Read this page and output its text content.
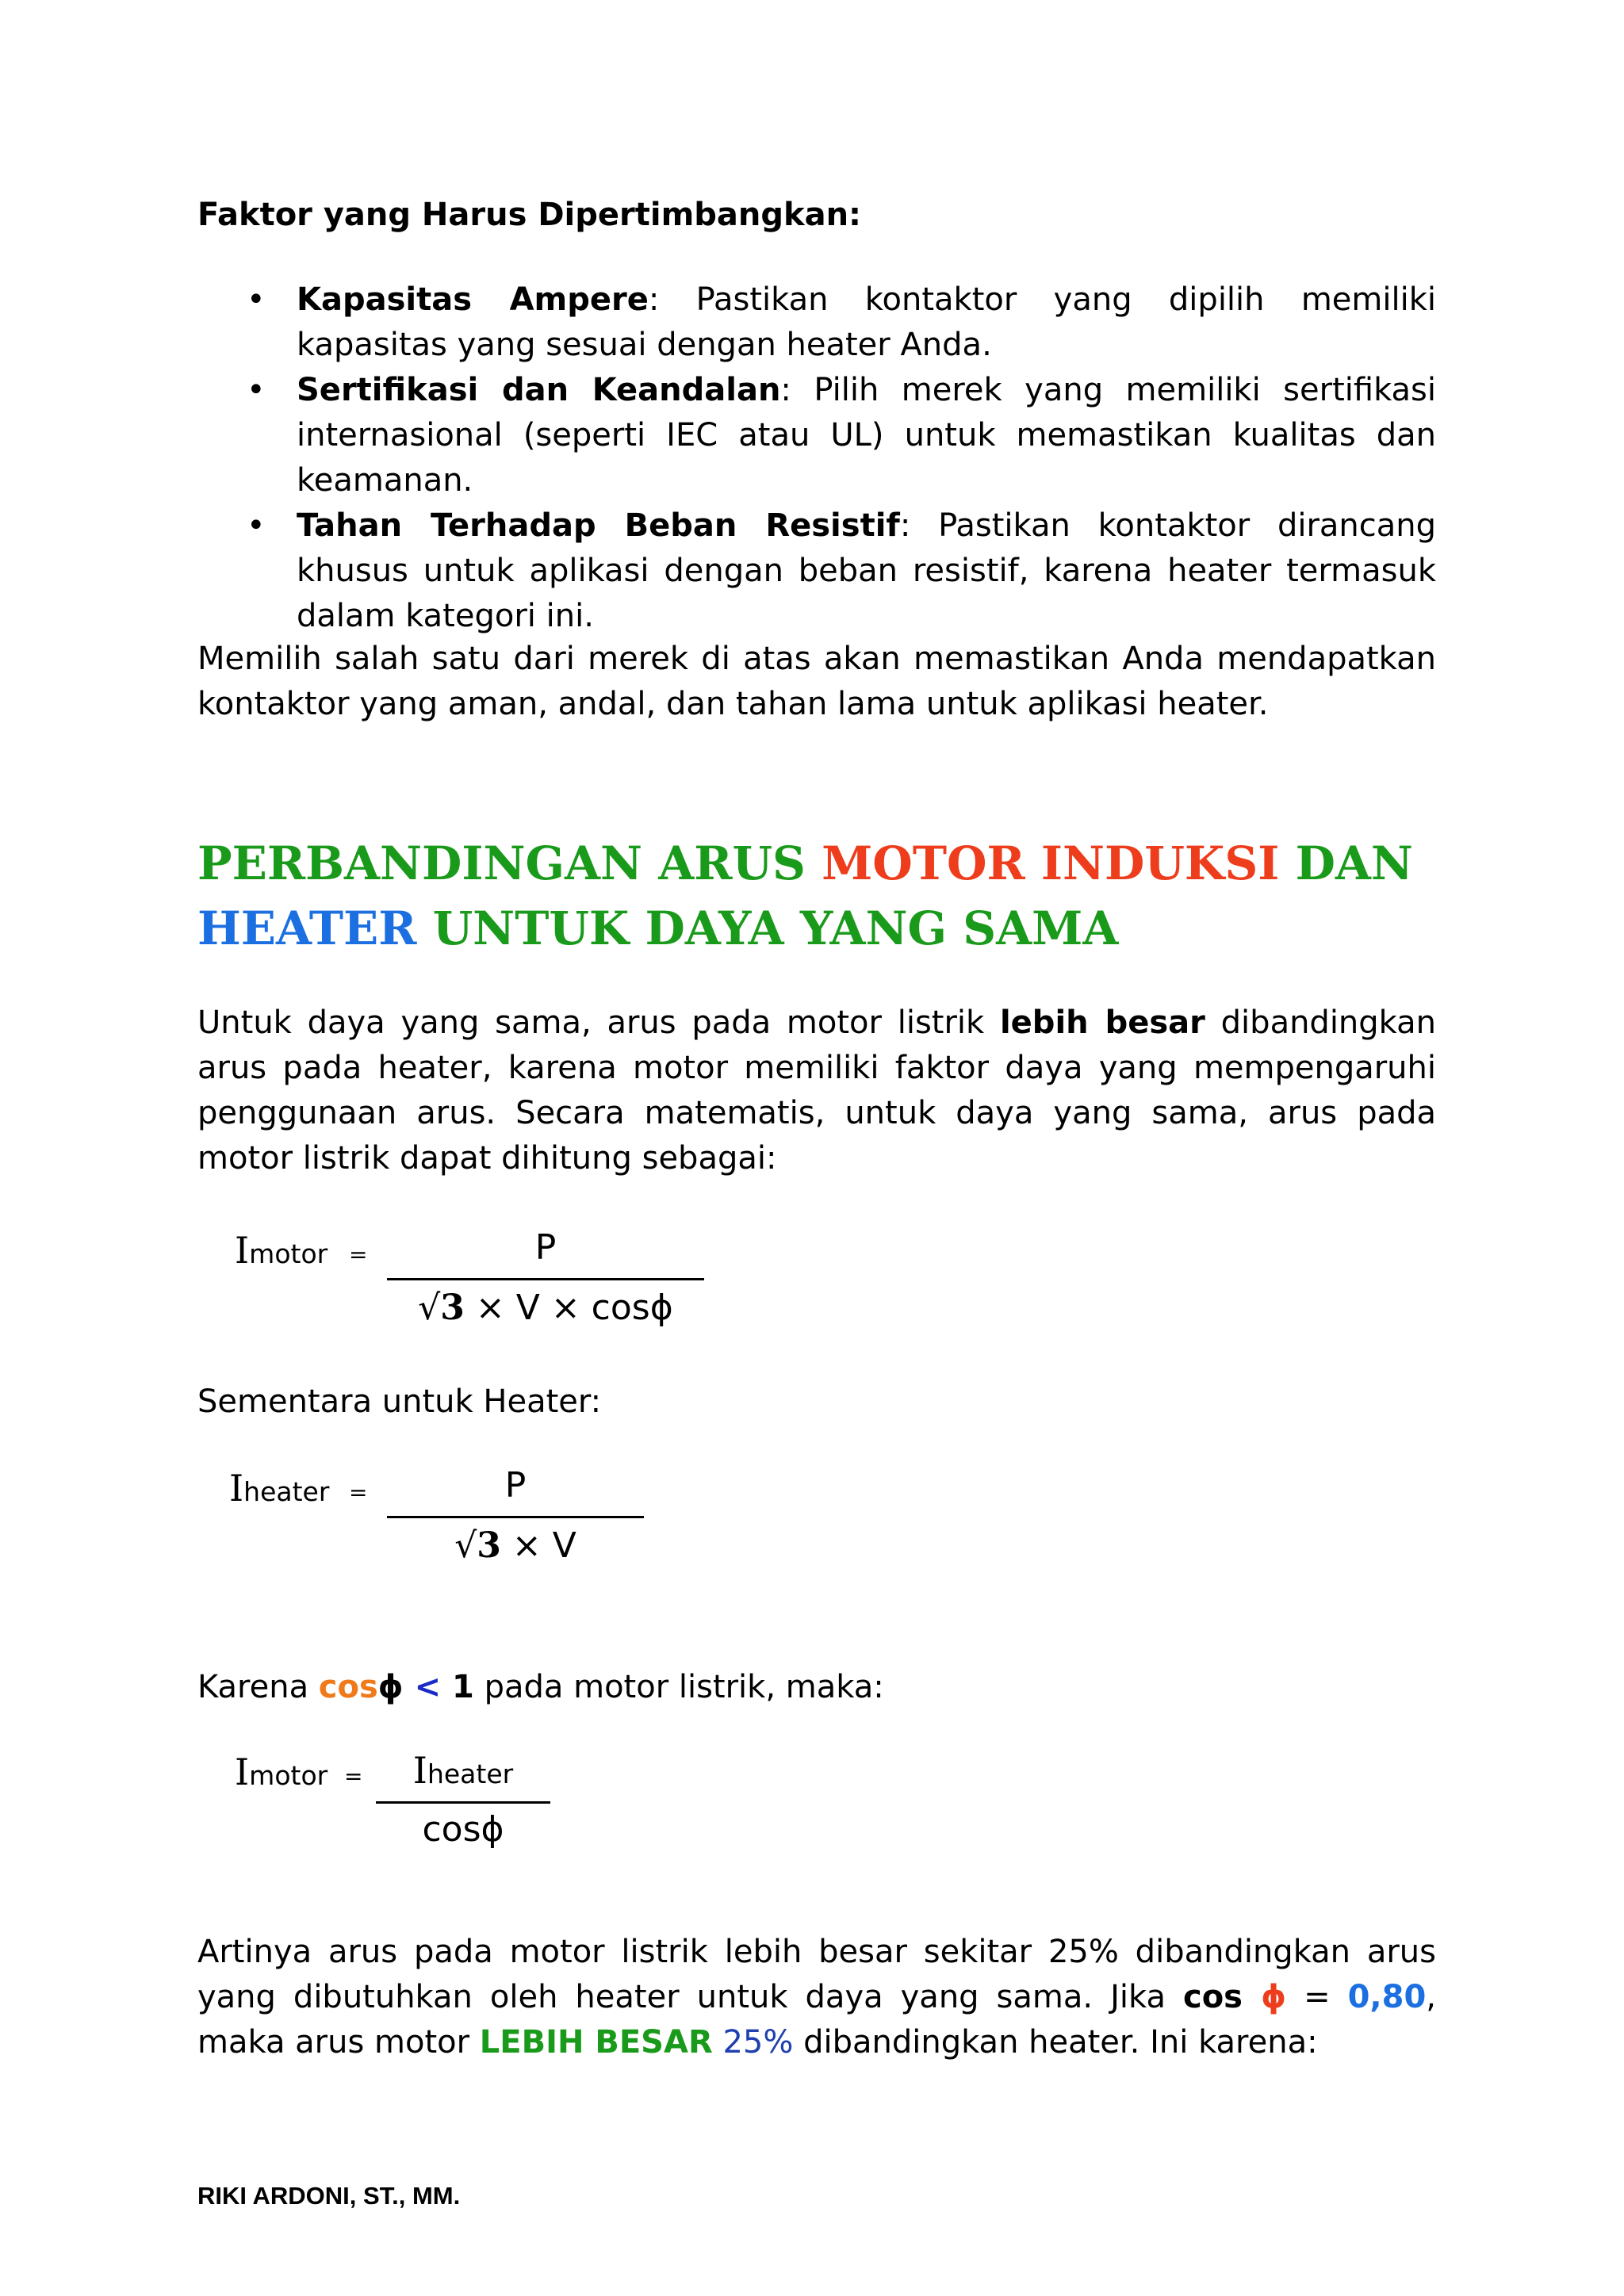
Faktor yang Harus Dipertimbangkan:
• Kapasitas Ampere: Pastikan kontaktor yang dipilih memiliki kapasitas yang sesuai dengan heater Anda.
• Sertifikasi dan Keandalan: Pilih merek yang memiliki sertifikasi internasional (seperti IEC atau UL) untuk memastikan kualitas dan keamanan.
• Tahan Terhadap Beban Resistif: Pastikan kontaktor dirancang khusus untuk aplikasi dengan beban resistif, karena heater termasuk dalam kategori ini.
Memilih salah satu dari merek di atas akan memastikan Anda mendapatkan kontaktor yang aman, andal, dan tahan lama untuk aplikasi heater.
PERBANDINGAN ARUS MOTOR INDUKSI DAN
HEATER UNTUK DAYA YANG SAMA
Untuk daya yang sama, arus pada motor listrik lebih besar dibandingkan arus pada heater, karena motor memiliki faktor daya yang mempengaruhi penggunaan arus. Secara matematis, untuk daya yang sama, arus pada motor listrik dapat dihitung sebagai:
Imotor =	P
√3 × V × cosϕ
Sementara untuk Heater:
Iheater =	P
√3 × V
Karena cosϕ < 1 pada motor listrik, maka:
Imotor =	Iheater
cosϕ
Artinya arus pada motor listrik lebih besar sekitar 25% dibandingkan arus yang dibutuhkan oleh heater untuk daya yang sama. Jika cos ϕ = 0,80, maka arus motor LEBIH BESAR 25% dibandingkan heater. Ini karena:
RIKI ARDONI, ST., MM.
